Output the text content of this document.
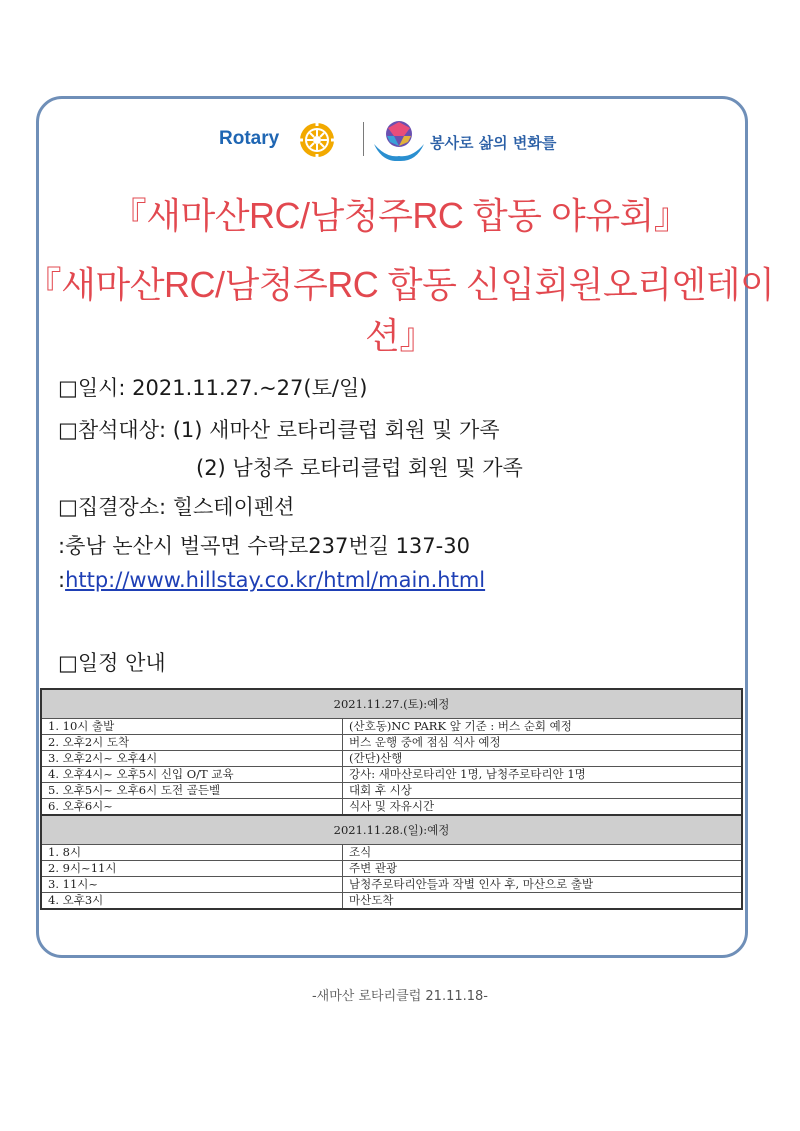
Rotary	봉사로 삶의 변화를
『새마산RC/남청주RC 합동 야유회』
『새마산RC/남청주RC 합동 신입회원오리엔테이션』
□일시: 2021.11.27.~27(토/일)
□참석대상: (1) 새마산 로타리클럽 회원 및 가족
(2) 남청주 로타리클럽 회원 및 가족
□집결장소: 힐스테이펜션
:충남 논산시 벌곡면 수락로237번길 137-30
:http://www.hillstay.co.kr/html/main.html
□일정 안내
2021.11.27.(토):예정	
1. 10시 출발	(산호동)NC PARK 앞 기준 : 버스 순회 예정
2. 오후2시 도착	버스 운행 중에 점심 식사 예정
3. 오후2시~ 오후4시	(간단)산행
4. 오후4시~ 오후5시 신입 O/T 교육	강사: 새마산로타리안 1명, 남청주로타리안 1명
5. 오후5시~ 오후6시 도전 골든벨	대회 후 시상
6. 오후6시~	식사 및 자유시간
2021.11.28.(일):예정	
1. 8시	조식
2. 9시~11시	주변 관광
3. 11시~	남청주로타리안들과 작별 인사 후, 마산으로 출발
4. 오후3시	마산도착
-새마산 로타리클럽 21.11.18-
